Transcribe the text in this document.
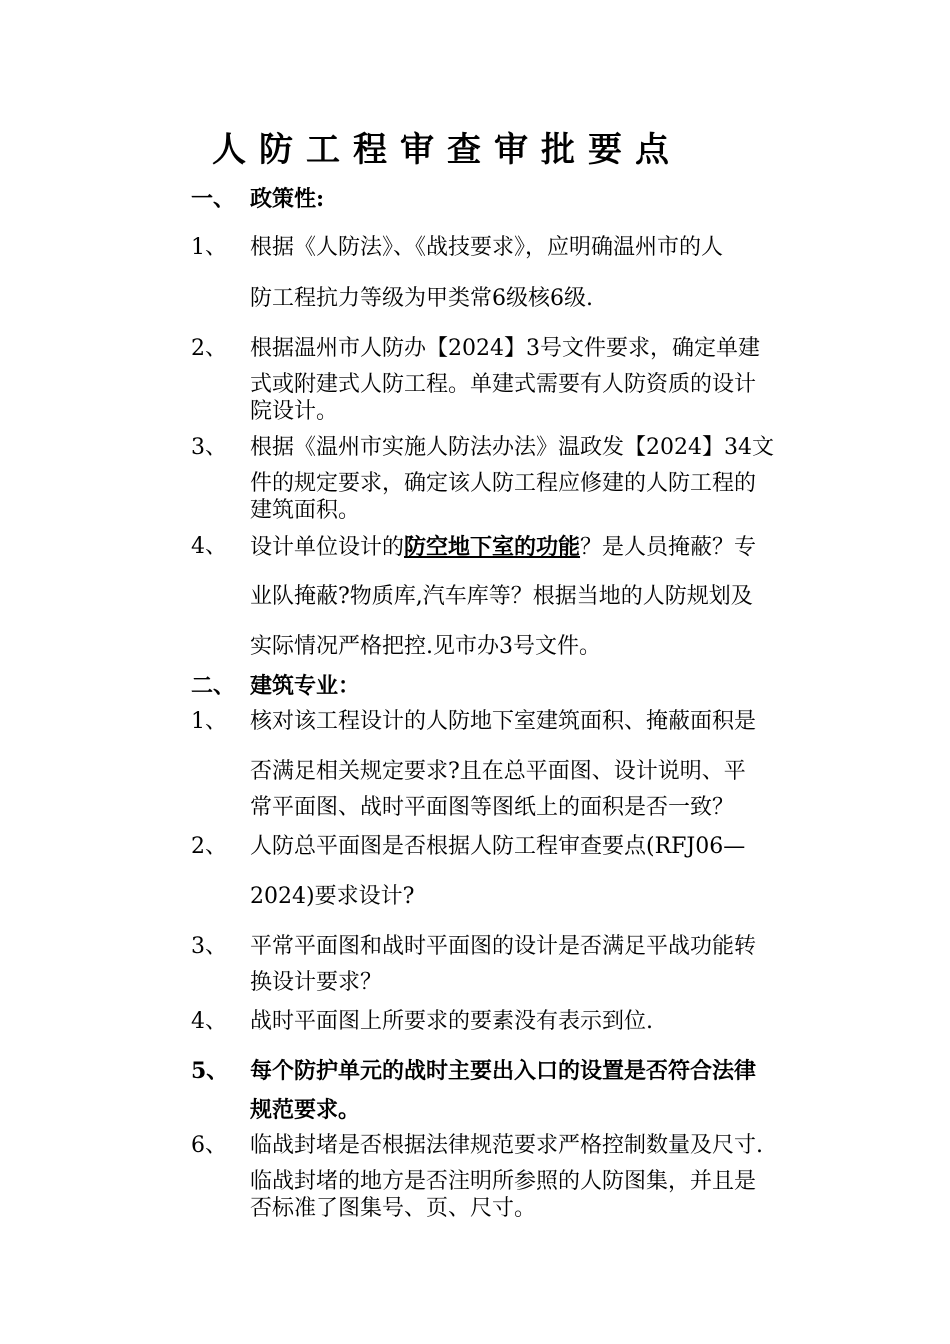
人防工程审查审批要点
一、 政策性:
1、 根据《人防法》、《战技要求》，应明确温州市的人
防工程抗力等级为甲类常6级核6级.
2、 根据温州市人防办【2024】3号文件要求，确定单建
式或附建式人防工程。单建式需要有人防资质的设计
院设计。
3、 根据《温州市实施人防法办法》温政发【2024】34文
件的规定要求，确定该人防工程应修建的人防工程的
建筑面积。
4、 设计单位设计的防空地下室的功能？是人员掩蔽？专
业队掩蔽?物质库,汽车库等？根据当地的人防规划及
实际情况严格把控.见市办3号文件。
二、 建筑专业：
1、 核对该工程设计的人防地下室建筑面积、掩蔽面积是
否满足相关规定要求?且在总平面图、设计说明、平
常平面图、战时平面图等图纸上的面积是否一致？
2、 人防总平面图是否根据人防工程审查要点(RFJ06—
2024)要求设计?
3、 平常平面图和战时平面图的设计是否满足平战功能转
换设计要求？
4、 战时平面图上所要求的要素没有表示到位.
5、 每个防护单元的战时主要出入口的设置是否符合法律
规范要求。
6、 临战封堵是否根据法律规范要求严格控制数量及尺寸.
临战封堵的地方是否注明所参照的人防图集，并且是
否标准了图集号、页、尺寸。
